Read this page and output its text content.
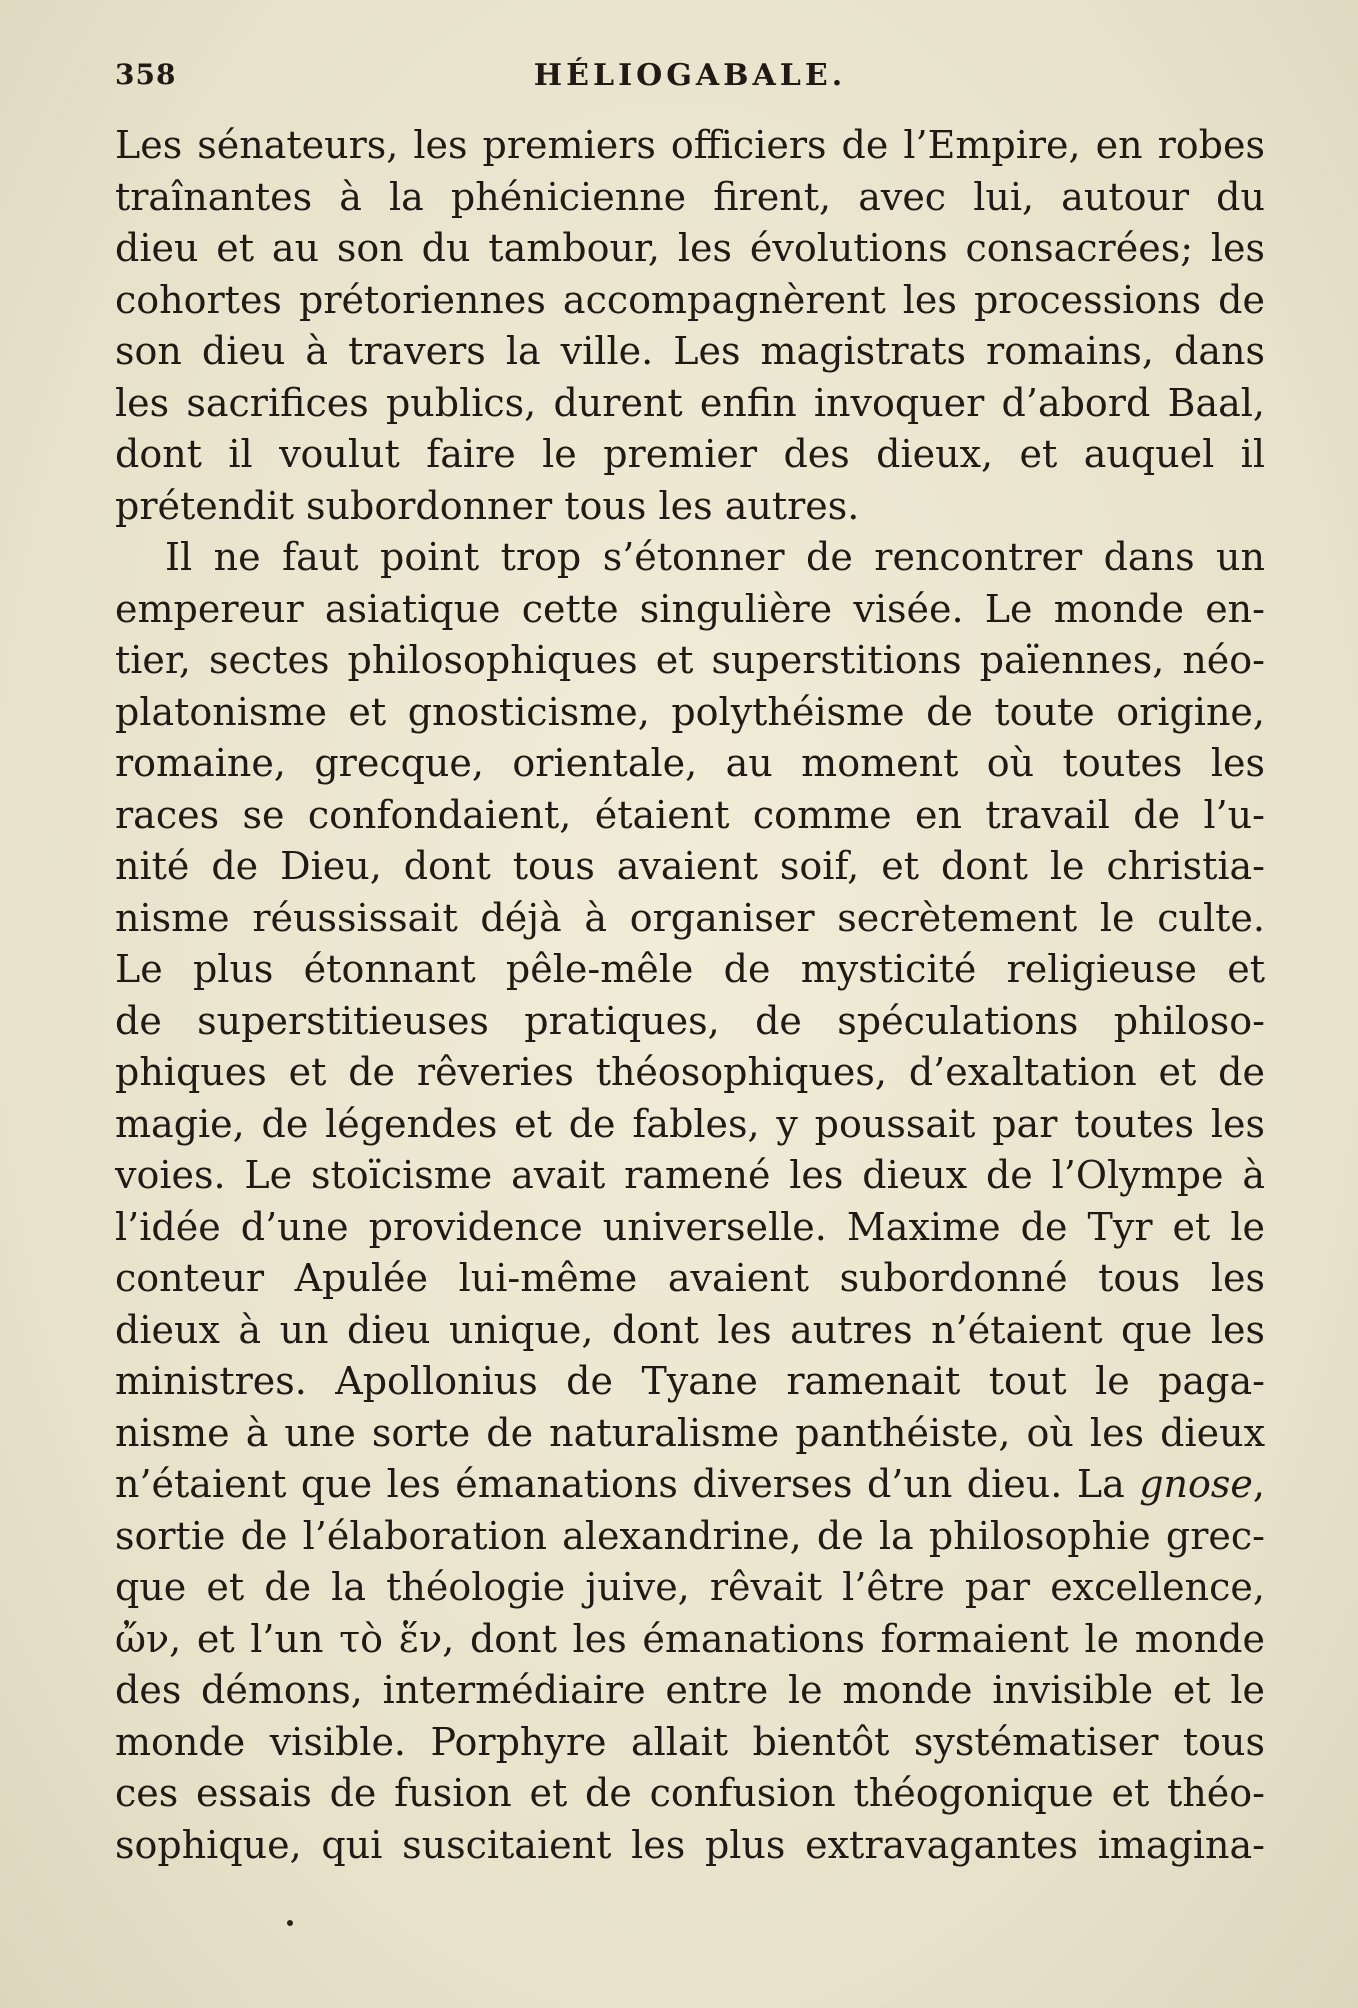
358	HÉLIOGABALE.
Les sénateurs, les premiers officiers de l’Empire, en robes
traînantes à la phénicienne firent, avec lui, autour du
dieu et au son du tambour, les évolutions consacrées; les
cohortes prétoriennes accompagnèrent les processions de
son dieu à travers la ville. Les magistrats romains, dans
les sacrifices publics, durent enfin invoquer d’abord Baal,
dont il voulut faire le premier des dieux, et auquel il
prétendit subordonner tous les autres.
Il ne faut point trop s’étonner de rencontrer dans un
empereur asiatique cette singulière visée. Le monde en-
tier, sectes philosophiques et superstitions païennes, néo-
platonisme et gnosticisme, polythéisme de toute origine,
romaine, grecque, orientale, au moment où toutes les
races se confondaient, étaient comme en travail de l’u-
nité de Dieu, dont tous avaient soif, et dont le christia-
nisme réussissait déjà à organiser secrètement le culte.
Le plus étonnant pêle-mêle de mysticité religieuse et
de superstitieuses pratiques, de spéculations philoso-
phiques et de rêveries théosophiques, d’exaltation et de
magie, de légendes et de fables, y poussait par toutes les
voies. Le stoïcisme avait ramené les dieux de l’Olympe à
l’idée d’une providence universelle. Maxime de Tyr et le
conteur Apulée lui-même avaient subordonné tous les
dieux à un dieu unique, dont les autres n’étaient que les
ministres. Apollonius de Tyane ramenait tout le paga-
nisme à une sorte de naturalisme panthéiste, où les dieux
n’étaient que les émanations diverses d’un dieu. La gnose,
sortie de l’élaboration alexandrine, de la philosophie grec-
que et de la théologie juive, rêvait l’être par excellence,
ὤν, et l’un τὸ ἕν, dont les émanations formaient le monde
des démons, intermédiaire entre le monde invisible et le
monde visible. Porphyre allait bientôt systématiser tous
ces essais de fusion et de confusion théogonique et théo-
sophique, qui suscitaient les plus extravagantes imagina-
